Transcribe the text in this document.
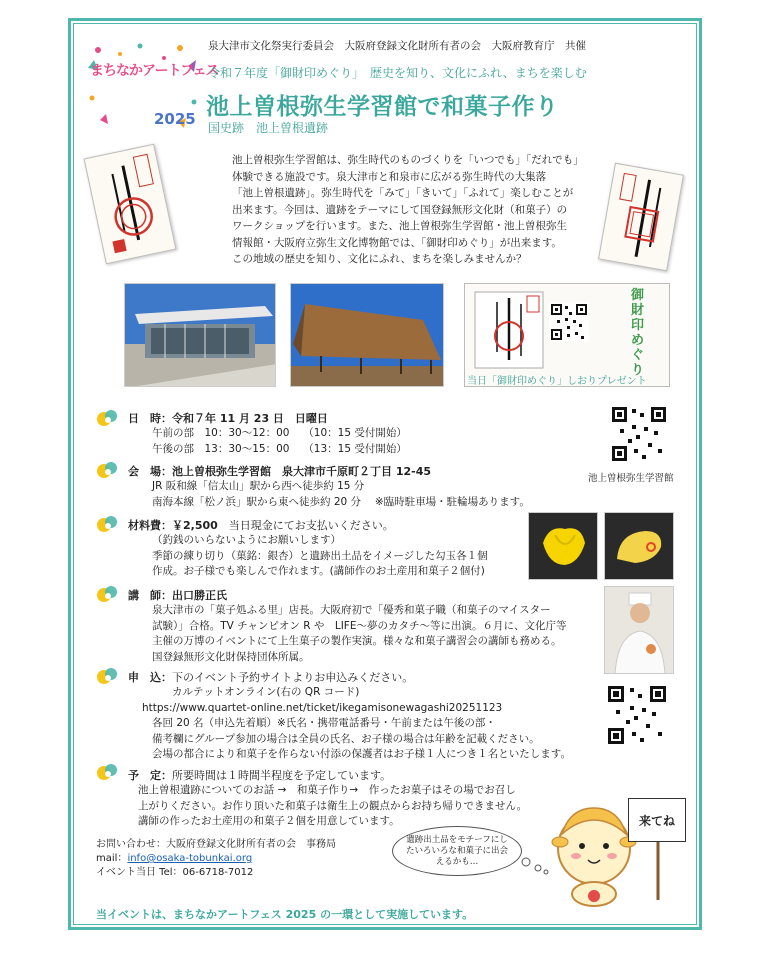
まちなかアートフェス
2025
泉大津市文化祭実行委員会　大阪府登録文化財所有者の会　大阪府教育庁　共催
令和７年度「御財印めぐり」　歴史を知り、文化にふれ、まちを楽しむ
池上曽根弥生学習館で和菓子作り
国史跡　池上曽根遺跡

池上曽根弥生学習館は、弥生時代のものづくりを「いつでも」「だれでも」

体験できる施設です。泉大津市と和泉市に広がる弥生時代の大集落

「池上曽根遺跡」。弥生時代を「みて」「きいて」「ふれて」楽しむことが

出来ます。今回は、遺跡をテーマにして国登録無形文化財（和菓子）の

ワークショップを行います。また、池上曽根弥生学習館・池上曽根弥生

情報館・大阪府立弥生文化博物館では、「御財印めぐり」が出来ます。

この地域の歴史を知り、文化にふれ、まちを楽しみませんか？

御財印めぐり
当日「御財印めぐり」しおりプレゼント
池上曽根弥生学習館
日　時：令和７年 11 月 23 日　日曜日
午前の部　10：30～12：00　 （10：15 受付開始）
午後の部　13：30～15：00　 （13：15 受付開始）
会　場：池上曽根弥生学習館　泉大津市千原町２丁目 12-45
JR 阪和線「信太山」駅から西へ徒歩約 15 分
南海本線「松ノ浜」駅から東へ徒歩約 20 分　 ※臨時駐車場・駐輪場あります。
材料費：￥2,500　当日現金にてお支払いください。
（釣銭のいらないようにお願いします）
季節の練り切り（菓銘：銀杏）と遺跡出土品をイメージした勾玉各１個
作成。お子様でも楽しんで作れます。(講師作のお土産用和菓子２個付)
講　師：出口勝正氏
泉大津市の「菓子処ふる里」店長。大阪府初で「優秀和菓子職（和菓子のマイスター
試験）」合格。TV チャンピオン R や　LIFE～夢のカタチ～等に出演。６月に、文化庁等
主催の万博のイベントにて上生菓子の製作実演。様々な和菓子講習会の講師も務める。
国登録無形文化財保持団体所属。
申　込：下のイベント予約サイトよりお申込みください。
カルテットオンライン(右の QR コード)
https://www.quartet-online.net/ticket/ikegamisonewagashi20251123
各回 20 名（申込先着順）※氏名・携帯電話番号・午前または午後の部・
備考欄にグループ参加の場合は全員の氏名、お子様の場合は年齢を記載ください。
会場の都合により和菓子を作らない付添の保護者はお子様１人につき１名といたします。
予　定：所要時間は１時間半程度を予定しています。
池上曽根遺跡についてのお話 →　和菓子作り→　作ったお菓子はその場でお召し
上がりください。お作り頂いた和菓子は衛生上の観点からお持ち帰りできません。
講師の作ったお土産用の和菓子２個を用意しています。
お問い合わせ：大阪府登録文化財所有者の会　事務局
mail：info@osaka-tobunkai.org
イベント当日 Tel：06-6718-7012
遺跡出土品をモチーフにしたいろいろな和菓子に出会えるかも…
来てね
当イベントは、まちなかアートフェス 2025 の一環として実施しています。
